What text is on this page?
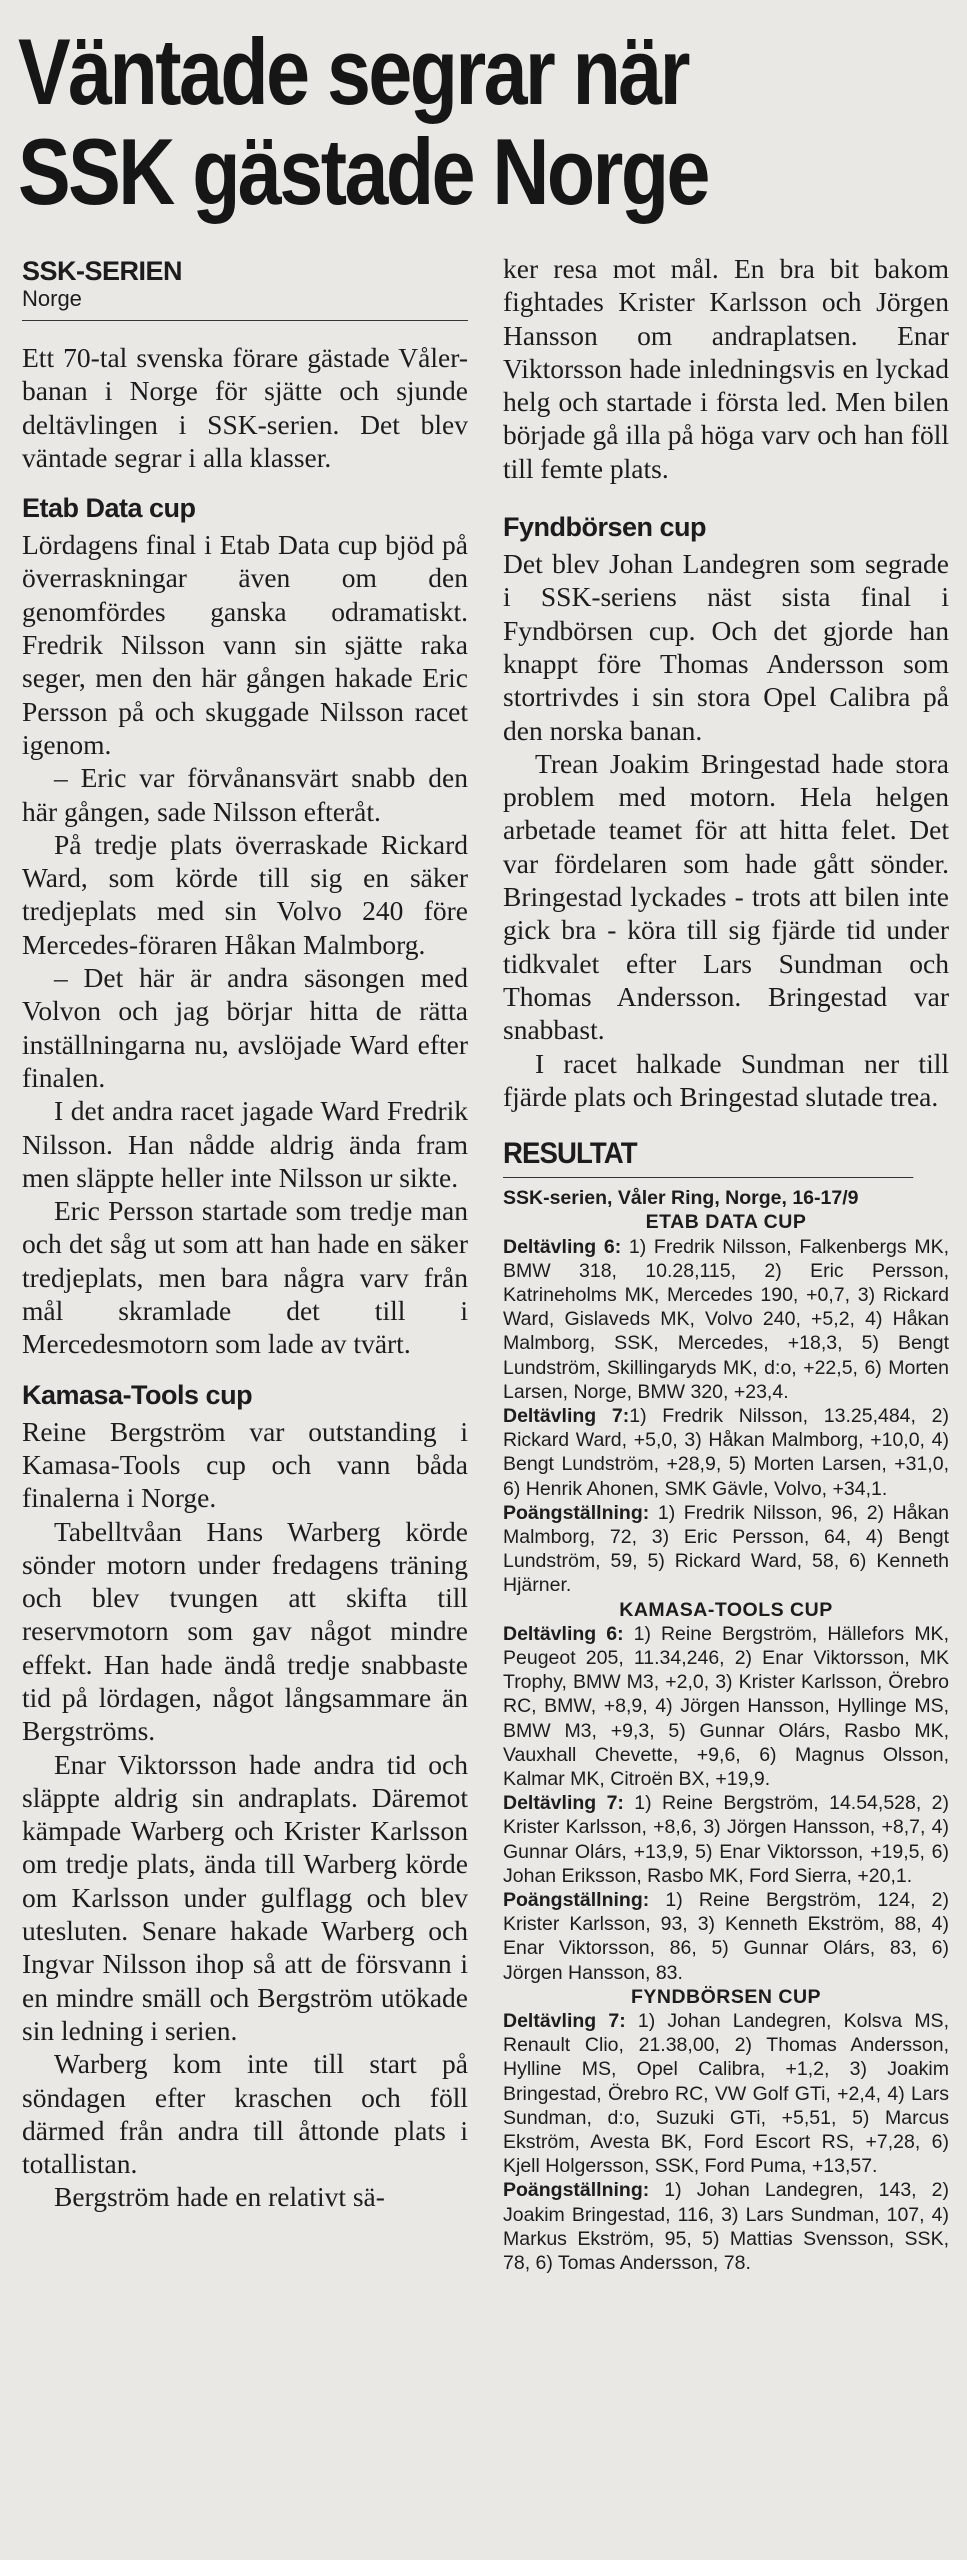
Väntade segrar när
SSK gästade Norge
SSK-SERIEN
Norge

Ett 70-tal svenska förare gästade Våler-banan i Norge för sjätte och sjunde deltävlingen i SSK-serien. Det blev väntade segrar i alla klasser.

Etab Data cup

Lördagens final i Etab Data cup bjöd på överraskningar även om den genomfördes ganska odramatiskt. Fredrik Nilsson vann sin sjätte raka seger, men den här gången hakade Eric Persson på och skuggade Nilsson racet igenom.

– Eric var förvånansvärt snabb den här gången, sade Nilsson efteråt.

På tredje plats överraskade Rickard Ward, som körde till sig en säker tredjeplats med sin Volvo 240 före Mercedes-föraren Håkan Malmborg.

– Det här är andra säsongen med Volvon och jag börjar hitta de rätta inställningarna nu, avslöjade Ward efter finalen.

I det andra racet jagade Ward Fredrik Nilsson. Han nådde aldrig ända fram men släppte heller inte Nilsson ur sikte.

Eric Persson startade som tredje man och det såg ut som att han hade en säker tredjeplats, men bara några varv från mål skramlade det till i Mercedesmotorn som lade av tvärt.

Kamasa-Tools cup

Reine Bergström var outstanding i Kamasa-Tools cup och vann båda finalerna i Norge.

Tabelltvåan Hans Warberg körde sönder motorn under fredagens träning och blev tvungen att skifta till reservmotorn som gav något mindre effekt. Han hade ändå tredje snabbaste tid på lördagen, något långsammare än Bergströms.

Enar Viktorsson hade andra tid och släppte aldrig sin andraplats. Däremot kämpade Warberg och Krister Karlsson om tredje plats, ända till Warberg körde om Karlsson under gulflagg och blev utesluten. Senare hakade Warberg och Ingvar Nilsson ihop så att de försvann i en mindre smäll och Bergström utökade sin ledning i serien.

Warberg kom inte till start på söndagen efter kraschen och föll därmed från andra till åttonde plats i totallistan.

Bergström hade en relativt sä-

ker resa mot mål. En bra bit bakom fightades Krister Karlsson och Jörgen Hansson om andraplatsen. Enar Viktorsson hade inledningsvis en lyckad helg och startade i första led. Men bilen började gå illa på höga varv och han föll till femte plats.

Fyndbörsen cup

Det blev Johan Landegren som segrade i SSK-seriens näst sista final i Fyndbörsen cup. Och det gjorde han knappt före Thomas Andersson som stortrivdes i sin stora Opel Calibra på den norska banan.

Trean Joakim Bringestad hade stora problem med motorn. Hela helgen arbetade teamet för att hitta felet. Det var fördelaren som hade gått sönder. Bringestad lyckades - trots att bilen inte gick bra - köra till sig fjärde tid under tidkvalet efter Lars Sundman och Thomas Andersson. Bringestad var snabbast.

I racet halkade Sundman ner till fjärde plats och Bringestad slutade trea.

RESULTAT
SSK-serien, Våler Ring, Norge, 16-17/9
ETAB DATA CUP

Deltävling 6: 1) Fredrik Nilsson, Falkenbergs MK, BMW 318, 10.28,115, 2) Eric Persson, Katrineholms MK, Mercedes 190, +0,7, 3) Rickard Ward, Gislaveds MK, Volvo 240, +5,2, 4) Håkan Malmborg, SSK, Mercedes, +18,3, 5) Bengt Lundström, Skillingaryds MK, d:o, +22,5, 6) Morten Larsen, Norge, BMW 320, +23,4.

Deltävling 7:1) Fredrik Nilsson, 13.25,484, 2) Rickard Ward, +5,0, 3) Håkan Malmborg, +10,0, 4) Bengt Lundström, +28,9, 5) Morten Larsen, +31,0, 6) Henrik Ahonen, SMK Gävle, Volvo, +34,1.

Poängställning: 1) Fredrik Nilsson, 96, 2) Håkan Malmborg, 72, 3) Eric Persson, 64, 4) Bengt Lundström, 59, 5) Rickard Ward, 58, 6) Kenneth Hjärner.

KAMASA-TOOLS CUP

Deltävling 6: 1) Reine Bergström, Hällefors MK, Peugeot 205, 11.34,246, 2) Enar Viktorsson, MK Trophy, BMW M3, +2,0, 3) Krister Karlsson, Örebro RC, BMW, +8,9, 4) Jörgen Hansson, Hyllinge MS, BMW M3, +9,3, 5) Gunnar Olárs, Rasbo MK, Vauxhall Chevette, +9,6, 6) Magnus Olsson, Kalmar MK, Citroën BX, +19,9.

Deltävling 7: 1) Reine Bergström, 14.54,528, 2) Krister Karlsson, +8,6, 3) Jörgen Hansson, +8,7, 4) Gunnar Olárs, +13,9, 5) Enar Viktorsson, +19,5, 6) Johan Eriksson, Rasbo MK, Ford Sierra, +20,1.

Poängställning: 1) Reine Bergström, 124, 2) Krister Karlsson, 93, 3) Kenneth Ekström, 88, 4) Enar Viktorsson, 86, 5) Gunnar Olárs, 83, 6) Jörgen Hansson, 83.

FYNDBÖRSEN CUP

Deltävling 7: 1) Johan Landegren, Kolsva MS, Renault Clio, 21.38,00, 2) Thomas Andersson, Hylline MS, Opel Calibra, +1,2, 3) Joakim Bringestad, Örebro RC, VW Golf GTi, +2,4, 4) Lars Sundman, d:o, Suzuki GTi, +5,51, 5) Marcus Ekström, Avesta BK, Ford Escort RS, +7,28, 6) Kjell Holgersson, SSK, Ford Puma, +13,57.

Poängställning: 1) Johan Landegren, 143, 2) Joakim Bringestad, 116, 3) Lars Sundman, 107, 4) Markus Ekström, 95, 5) Mattias Svensson, SSK, 78, 6) Tomas Andersson, 78.
